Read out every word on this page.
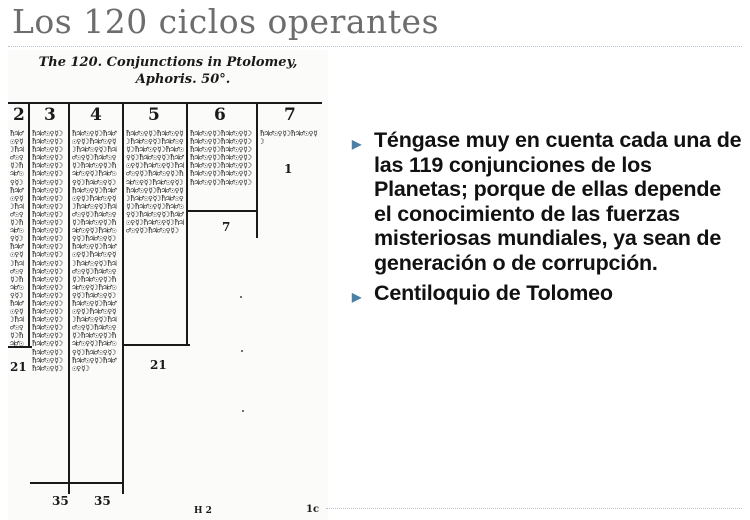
Los 120 ciclos operantes
The 120. Conjunctions in Ptolomey,
Aphoris. 50°.
2
ħ♃♂☉♀☿☽ħ♃♂☉♀☿☽ħ♃♂☉♀☿☽ħ♃♂☉♀☿☽ħ♃♂☉♀☿☽ħ♃♂☉♀☿☽ħ♃♂☉♀☿☽ħ♃♂☉♀☿☽ħ♃♂☉♀☿☽ħ♃♂☉♀☿☽ħ♃♂☉♀☿☽ħ♃♂☉
3
ħ♃♂☉♀☿☽ħ♃♂☉♀☿☽ħ♃♂☉♀☿☽ħ♃♂☉♀☿☽ħ♃♂☉♀☿☽ħ♃♂☉♀☿☽ħ♃♂☉♀☿☽ħ♃♂☉♀☿☽ħ♃♂☉♀☿☽ħ♃♂☉♀☿☽ħ♃♂☉♀☿☽ħ♃♂☉♀☿☽ħ♃♂☉♀☿☽ħ♃♂☉♀☿☽ħ♃♂☉♀☿☽ħ♃♂☉♀☿☽ħ♃♂☉♀☿☽ħ♃♂☉♀☿☽ħ♃♂☉♀☿☽ħ♃♂☉♀☿☽ħ♃♂☉♀☿☽ħ♃♂☉♀☿☽ħ♃♂☉♀☿☽ħ♃♂☉♀☿☽ħ♃♂☉♀☿☽ħ♃♂☉♀☿☽ħ♃♂☉♀☿☽ħ♃♂☉♀☿☽ħ♃♂☉♀☿☽ħ♃♂☉♀☿☽
4
ħ♃♂☉♀☿☽ħ♃♂☉♀☿☽ħ♃♂☉♀☿☽ħ♃♂☉♀☿☽ħ♃♂☉♀☿☽ħ♃♂☉♀☿☽ħ♃♂☉♀☿☽ħ♃♂☉♀☿☽ħ♃♂☉♀☿☽ħ♃♂☉♀☿☽ħ♃♂☉♀☿☽ħ♃♂☉♀☿☽ħ♃♂☉♀☿☽ħ♃♂☉♀☿☽ħ♃♂☉♀☿☽ħ♃♂☉♀☿☽ħ♃♂☉♀☿☽ħ♃♂☉♀☿☽ħ♃♂☉♀☿☽ħ♃♂☉♀☿☽ħ♃♂☉♀☿☽ħ♃♂☉♀☿☽ħ♃♂☉♀☿☽ħ♃♂☉♀☿☽ħ♃♂☉♀☿☽ħ♃♂☉♀☿☽ħ♃♂☉♀☿☽ħ♃♂☉♀☿☽ħ♃♂☉♀☿☽ħ♃♂☉♀☿☽ħ♃♂☉♀☿☽ħ♃♂☉♀☿☽ħ♃♂☉♀☿☽ħ♃♂☉♀☿☽ħ♃♂☉♀☿☽ħ♃♂☉♀☿☽ħ♃♂☉♀☿☽ħ♃♂☉♀☿☽ħ♃♂☉♀☿☽ħ♃♂☉♀☿☽ħ♃♂☉♀☿☽ħ♃♂☉♀☿☽
5
ħ♃♂☉♀☿☽ħ♃♂☉♀☿☽ħ♃♂☉♀☿☽ħ♃♂☉♀☿☽ħ♃♂☉♀☿☽ħ♃♂☉♀☿☽ħ♃♂☉♀☿☽ħ♃♂☉♀☿☽ħ♃♂☉♀☿☽ħ♃♂☉♀☿☽ħ♃♂☉♀☿☽ħ♃♂☉♀☿☽ħ♃♂☉♀☿☽ħ♃♂☉♀☿☽ħ♃♂☉♀☿☽ħ♃♂☉♀☿☽ħ♃♂☉♀☿☽ħ♃♂☉♀☿☽ħ♃♂☉♀☿☽ħ♃♂☉♀☿☽ħ♃♂☉♀☿☽ħ♃♂☉♀☿☽ħ♃♂☉♀☿☽ħ♃♂☉♀☿☽
6
ħ♃♂☉♀☿☽ħ♃♂☉♀☿☽ħ♃♂☉♀☿☽ħ♃♂☉♀☿☽ħ♃♂☉♀☿☽ħ♃♂☉♀☿☽ħ♃♂☉♀☿☽ħ♃♂☉♀☿☽ħ♃♂☉♀☿☽ħ♃♂☉♀☿☽ħ♃♂☉♀☿☽ħ♃♂☉♀☿☽ħ♃♂☉♀☿☽ħ♃♂☉♀☿☽
7
ħ♃♂☉♀☿☽ħ♃♂☉♀☿☽
21	21
7
1
35 35
H 2	1c
▶ Téngase muy en cuenta cada una de las 119 conjunciones de los Planetas; porque de ellas depende el conocimiento de las fuerzas misteriosas mundiales, ya sean de generación o de corrupción.
▶ Centiloquio de Tolomeo
